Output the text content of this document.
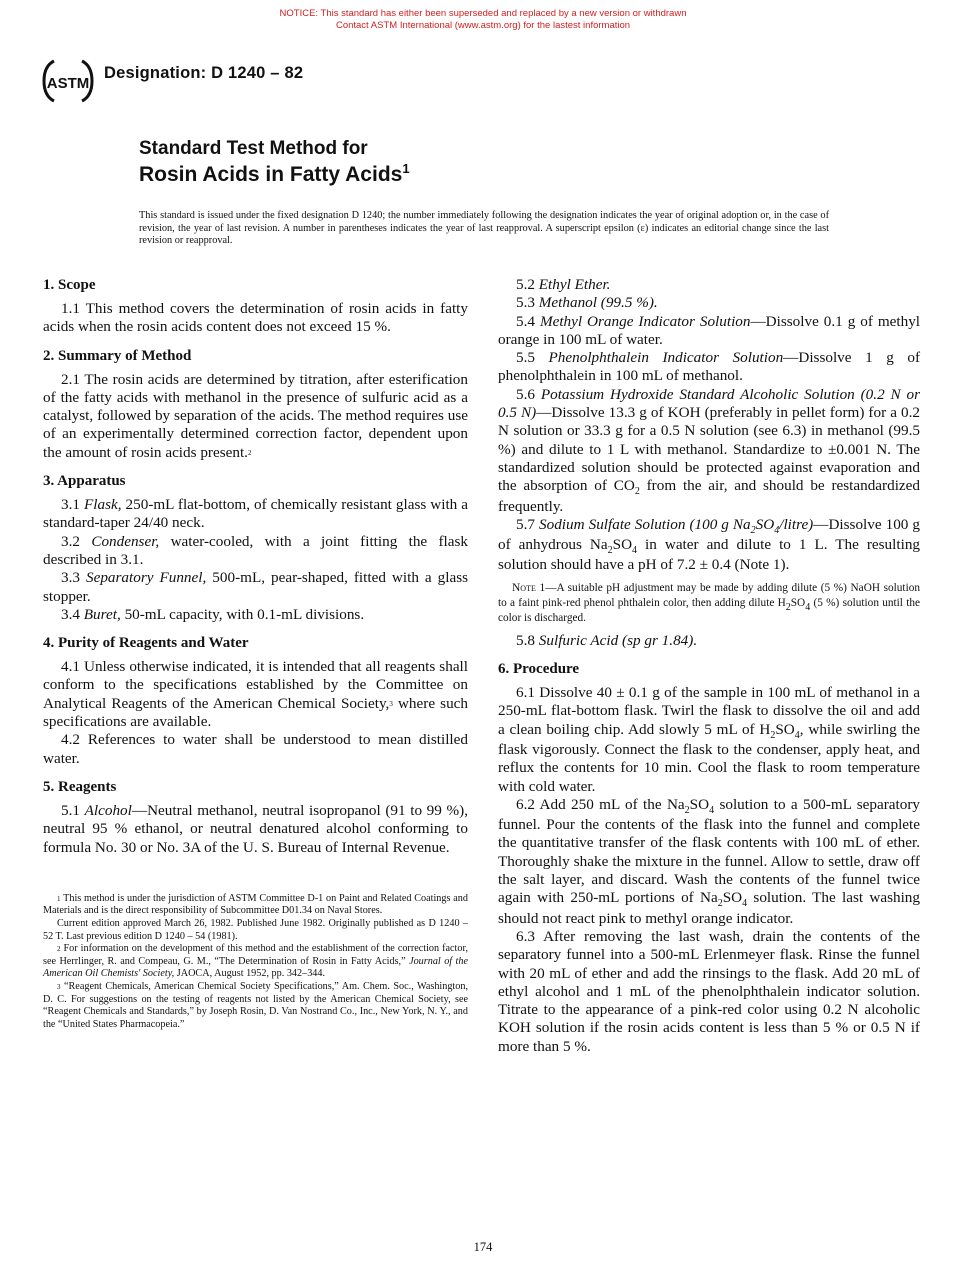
NOTICE: This standard has either been superseded and replaced by a new version or withdrawn
Contact ASTM International (www.astm.org) for the lastest information
ASTM
Designation: D 1240 – 82
Standard Test Method for
Rosin Acids in Fatty Acids$^1$
This standard is issued under the fixed designation D 1240; the number immediately following the designation indicates the year of original adoption or, in the case of revision, the year of last revision. A number in parentheses indicates the year of last reapproval. A superscript epsilon (ε) indicates an editorial change since the last revision or reapproval.
1. Scope

1.1 This method covers the determination of rosin acids in fatty acids when the rosin acids content does not exceed 15 %.

2. Summary of Method

2.1 The rosin acids are determined by titration, after esterification of the fatty acids with methanol in the presence of sulfuric acid as a catalyst, followed by separation of the acids. The method requires use of an experimentally determined correction factor, dependent upon the amount of rosin acids present.$^2$

3. Apparatus

3.1 Flask, 250-mL flat-bottom, of chemically resistant glass with a standard-taper 24/40 neck.

3.2 Condenser, water-cooled, with a joint fitting the flask described in 3.1.

3.3 Separatory Funnel, 500-mL, pear-shaped, fitted with a glass stopper.

3.4 Buret, 50-mL capacity, with 0.1-mL divisions.

4. Purity of Reagents and Water

4.1 Unless otherwise indicated, it is intended that all reagents shall conform to the specifications established by the Committee on Analytical Reagents of the American Chemical Society,$^3$ where such specifications are available.

4.2 References to water shall be understood to mean distilled water.

5. Reagents

5.1 Alcohol—Neutral methanol, neutral isopropanol (91 to 99 %), neutral 95 % ethanol, or neutral denatured alcohol conforming to formula No. 30 or No. 3A of the U. S. Bureau of Internal Revenue.

$^1$ This method is under the jurisdiction of ASTM Committee D-1 on Paint and Related Coatings and Materials and is the direct responsibility of Subcommittee D01.34 on Naval Stores.

Current edition approved March 26, 1982. Published June 1982. Originally published as D 1240 – 52 T. Last previous edition D 1240 – 54 (1981).

$^2$ For information on the development of this method and the establishment of the correction factor, see Herrlinger, R. and Compeau, G. M., “The Determination of Rosin in Fatty Acids,” Journal of the American Oil Chemists' Society, JAOCA, August 1952, pp. 342–344.

$^3$ “Reagent Chemicals, American Chemical Society Specifications,” Am. Chem. Soc., Washington, D. C. For suggestions on the testing of reagents not listed by the American Chemical Society, see “Reagent Chemicals and Standards,” by Joseph Rosin, D. Van Nostrand Co., Inc., New York, N. Y., and the “United States Pharmacopeia.”

5.2 Ethyl Ether.

5.3 Methanol (99.5 %).

5.4 Methyl Orange Indicator Solution—Dissolve 0.1 g of methyl orange in 100 mL of water.

5.5 Phenolphthalein Indicator Solution—Dissolve 1 g of phenolphthalein in 100 mL of methanol.

5.6 Potassium Hydroxide Standard Alcoholic Solution (0.2 N or 0.5 N)—Dissolve 13.3 g of KOH (preferably in pellet form) for a 0.2 N solution or 33.3 g for a 0.5 N solution (see 6.3) in methanol (99.5 %) and dilute to 1 L with methanol. Standardize to ±0.001 N. The standardized solution should be protected against evaporation and the absorption of $CO_2$ from the air, and should be restandardized frequently.

5.7 Sodium Sulfate Solution (100 g $Na_2SO_4/litre)—Dissolve$ 100 g of anhydrous $Na_2SO_4$ in water and dilute to 1 L. The resulting solution should have a pH of 7.2 ± 0.4 (Note 1).

Note 1—A suitable pH adjustment may be made by adding dilute (5 %) NaOH solution to a faint pink-red phenol phthalein color, then adding dilute $H_2SO_4$ (5 %) solution until the color is discharged.

5.8 Sulfuric Acid (sp gr 1.84).

6. Procedure

6.1 Dissolve 40 ± 0.1 g of the sample in 100 mL of methanol in a 250-mL flat-bottom flask. Twirl the flask to dissolve the oil and add a clean boiling chip. Add slowly 5 mL of $H_2SO_4$, while swirling the flask vigorously. Connect the flask to the condenser, apply heat, and reflux the contents for 10 min. Cool the flask to room temperature with cold water.

6.2 Add 250 mL of the $Na_2SO_4$ solution to a 500-mL separatory funnel. Pour the contents of the flask into the funnel and complete the quantitative transfer of the flask contents with 100 mL of ether. Thoroughly shake the mixture in the funnel. Allow to settle, draw off the salt layer, and discard. Wash the contents of the funnel twice again with 250-mL portions of $Na_2SO_4$ solution. The last washing should not react pink to methyl orange indicator.

6.3 After removing the last wash, drain the contents of the separatory funnel into a 500-mL Erlenmeyer flask. Rinse the funnel with 20 mL of ether and add the rinsings to the flask. Add 20 mL of ethyl alcohol and 1 mL of the phenolphthalein indicator solution. Titrate to the appearance of a pink-red color using 0.2 N alcoholic KOH solution if the rosin acids content is less than 5 % or 0.5 N if more than 5 %.

174
